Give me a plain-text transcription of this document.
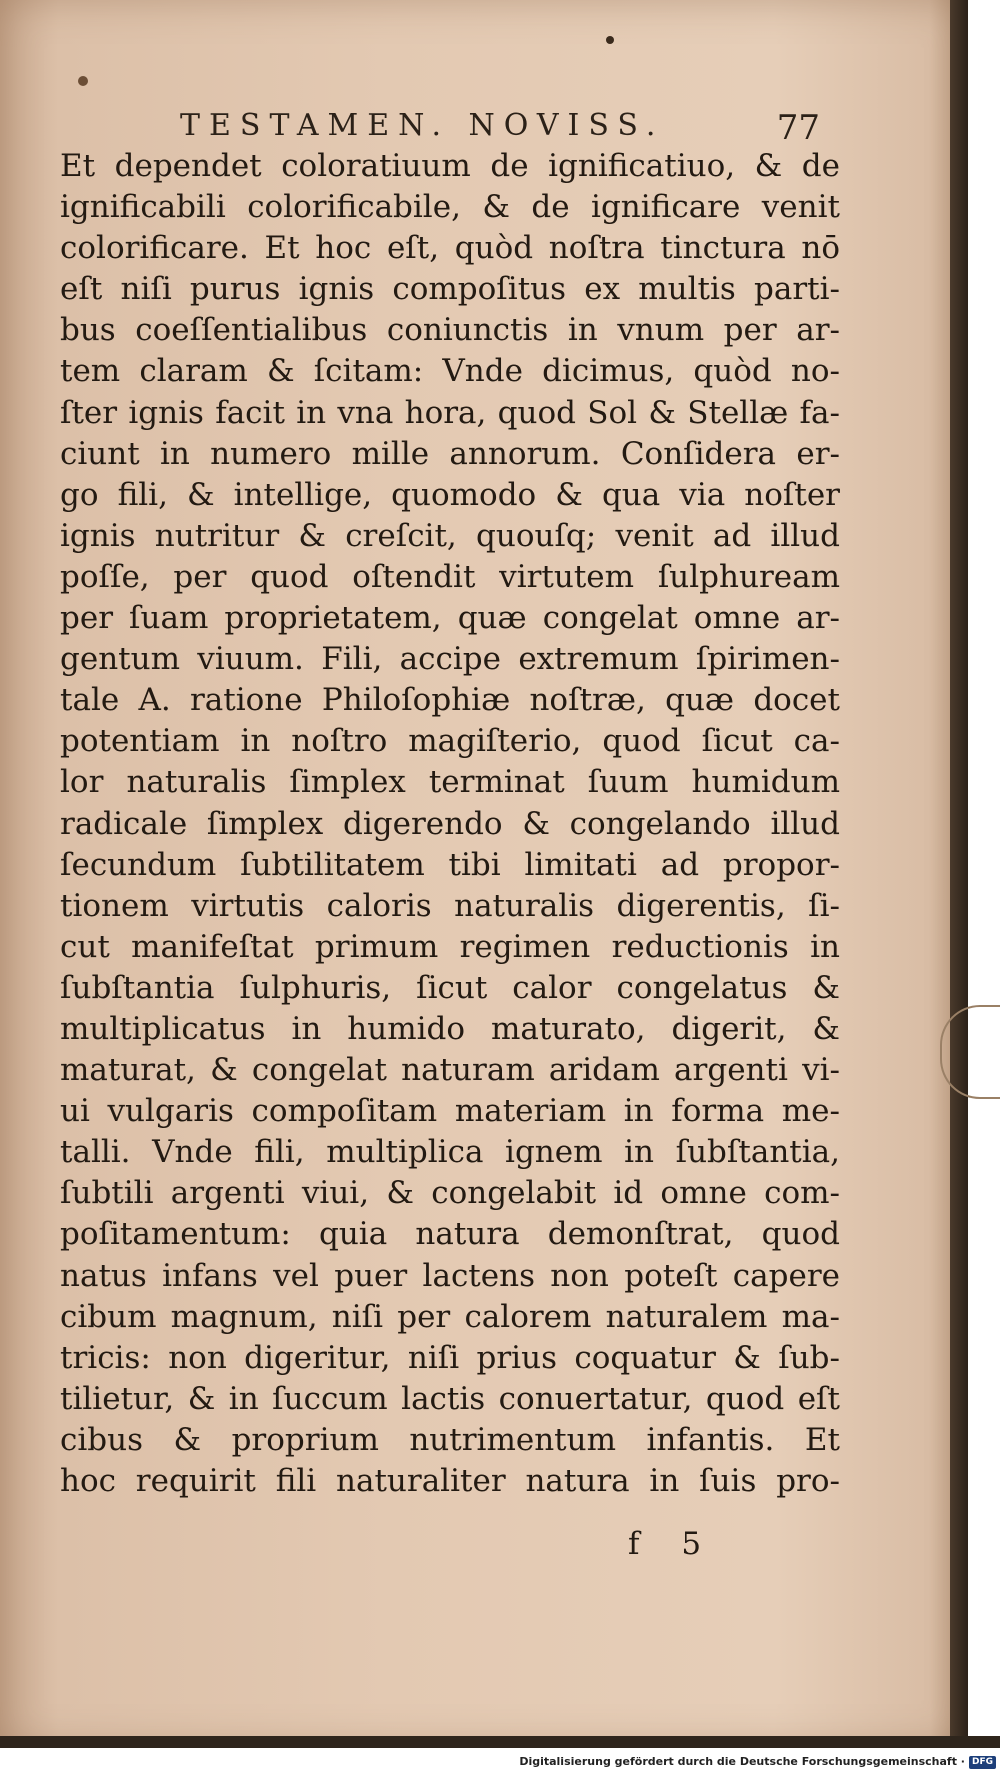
TESTAMEN. NOVISS.	77
Et dependet coloratiuum de ignificatiuo, & de
ignificabili colorificabile, & de ignificare venit
colorificare. Et hoc eſt, quòd noſtra tinctura nō
eſt niſi purus ignis compoſitus ex multis parti-
bus coeſſentialibus coniunctis in vnum per ar-
tem claram & ſcitam: Vnde dicimus, quòd no-
ſter ignis facit in vna hora, quod Sol & Stellæ fa-
ciunt in numero mille annorum. Conſidera er-
go fili, & intellige, quomodo & qua via noſter
ignis nutritur & creſcit, quouſq; venit ad illud
poſſe, per quod oſtendit virtutem ſulphuream
per ſuam proprietatem, quæ congelat omne ar-
gentum viuum. Fili, accipe extremum ſpirimen-
tale A. ratione Philoſophiæ noſtræ, quæ docet
potentiam in noſtro magiſterio, quod ſicut ca-
lor naturalis ſimplex terminat ſuum humidum
radicale ſimplex digerendo & congelando illud
ſecundum ſubtilitatem tibi limitati ad propor-
tionem virtutis caloris naturalis digerentis, ſi-
cut manifeſtat primum regimen reductionis in
ſubſtantia ſulphuris, ſicut calor congelatus &
multiplicatus in humido maturato, digerit, &
maturat, & congelat naturam aridam argenti vi-
ui vulgaris compoſitam materiam in forma me-
talli. Vnde fili, multiplica ignem in ſubſtantia,
ſubtili argenti viui, & congelabit id omne com-
poſitamentum: quia natura demonſtrat, quod
natus infans vel puer lactens non poteſt capere
cibum magnum, niſi per calorem naturalem ma-
tricis: non digeritur, niſi prius coquatur & ſub-
tilietur, & in ſuccum lactis conuertatur, quod eſt
cibus & proprium nutrimentum infantis. Et
hoc requirit fili naturaliter natura in ſuis pro-
f 5
Digitalisierung gefördert durch die Deutsche Forschungsgemeinschaft · DFG
